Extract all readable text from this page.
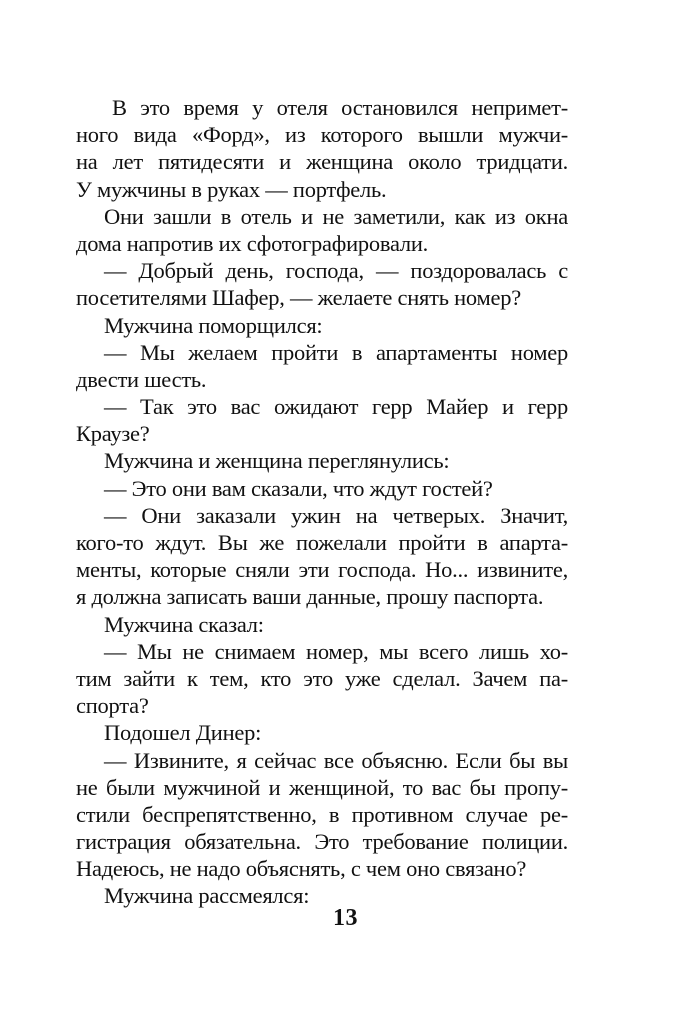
В это время у отеля остановился непримет-
ного вида «Форд», из которого вышли мужчи-
на лет пятидесяти и женщина около тридцати.
У мужчины в руках — портфель.
Они зашли в отель и не заметили, как из окна
дома напротив их сфотографировали.
— Добрый день, господа, — поздоровалась с
посетителями Шафер, — желаете снять номер?
Мужчина поморщился:
— Мы желаем пройти в апартаменты номер
двести шесть.
— Так это вас ожидают герр Майер и герр
Краузе?
Мужчина и женщина переглянулись:
— Это они вам сказали, что ждут гостей?
— Они заказали ужин на четверых. Значит,
кого-то ждут. Вы же пожелали пройти в апарта-
менты, которые сняли эти господа. Но... извините,
я должна записать ваши данные, прошу паспорта.
Мужчина сказал:
— Мы не снимаем номер, мы всего лишь хо-
тим зайти к тем, кто это уже сделал. Зачем па-
спорта?
Подошел Динер:
— Извините, я сейчас все объясню. Если бы вы
не были мужчиной и женщиной, то вас бы пропу-
стили беспрепятственно, в противном случае ре-
гистрация обязательна. Это требование полиции.
Надеюсь, не надо объяснять, с чем оно связано?
Мужчина рассмеялся:
13
